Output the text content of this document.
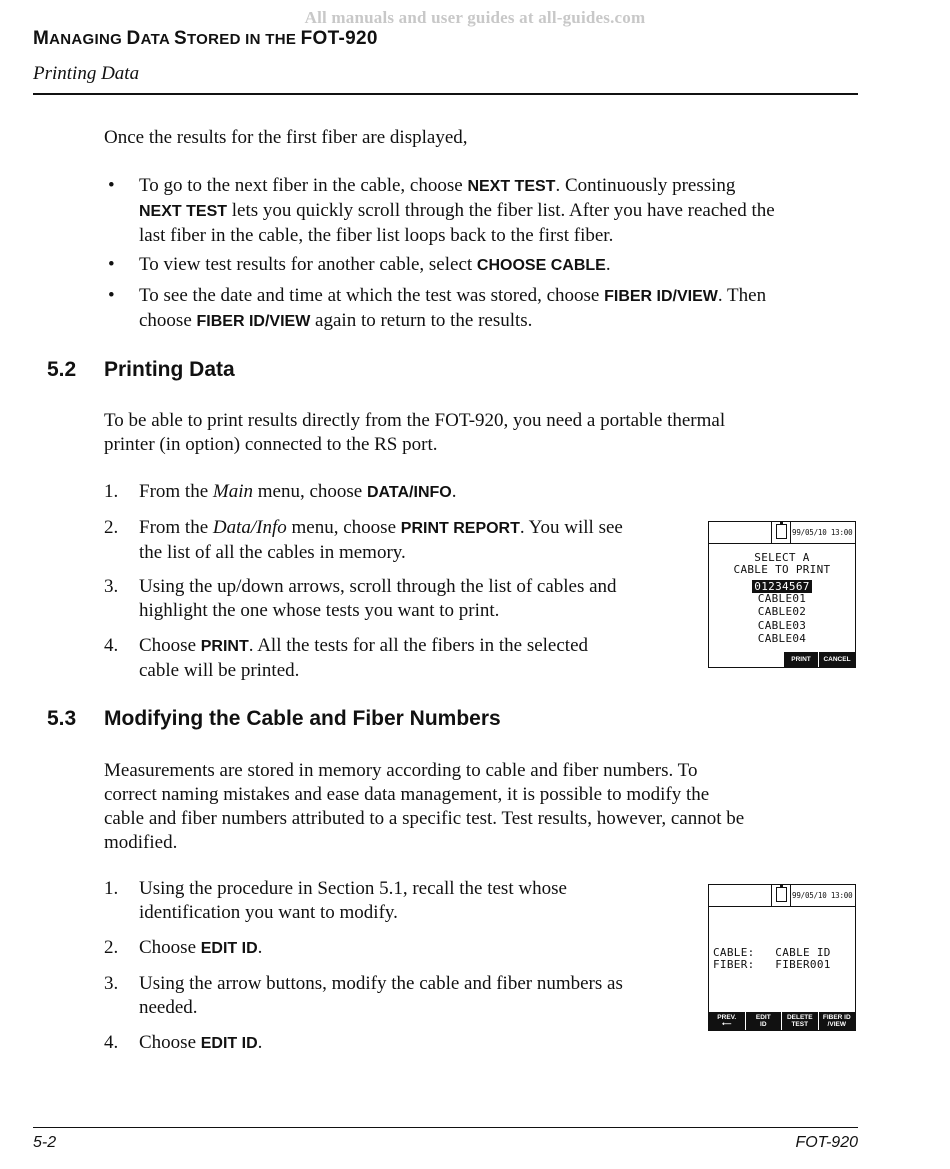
All manuals and user guides at all-guides.com
MANAGING DATA STORED IN THE FOT-920
Printing Data
Once the results for the first fiber are displayed,
• To go to the next fiber in the cable, choose NEXT TEST. Continuously pressing
NEXT TEST lets you quickly scroll through the fiber list. After you have reached the
last fiber in the cable, the fiber list loops back to the first fiber.
• To view test results for another cable, select CHOOSE CABLE.
• To see the date and time at which the test was stored, choose FIBER ID/VIEW. Then
choose FIBER ID/VIEW again to return to the results.
5.2 Printing Data
To be able to print results directly from the FOT-920, you need a portable thermal
printer (in option) connected to the RS port.
1. From the Main menu, choose DATA/INFO.
2. From the Data/Info menu, choose PRINT REPORT. You will see
the list of all the cables in memory.
3. Using the up/down arrows, scroll through the list of cables and
highlight the one whose tests you want to print.
4. Choose PRINT. All the tests for all the fibers in the selected
cable will be printed.
99/05/10 13:00
SELECT A
CABLE TO PRINT
01234567
CABLE01
CABLE02
CABLE03
CABLE04
PRINT	CANCEL
5.3 Modifying the Cable and Fiber Numbers
Measurements are stored in memory according to cable and fiber numbers. To
correct naming mistakes and ease data management, it is possible to modify the
cable and fiber numbers attributed to a specific test. Test results, however, cannot be
modified.
1. Using the procedure in Section 5.1, recall the test whose
identification you want to modify.
2. Choose EDIT ID.
3. Using the arrow buttons, modify the cable and fiber numbers as
needed.
4. Choose EDIT ID.
99/05/10 13:00
CABLE:   CABLE ID
FIBER:   FIBER001
PREV.
⟵
EDIT
ID
DELETE
TEST
FIBER ID
/VIEW
5-2	FOT-920
